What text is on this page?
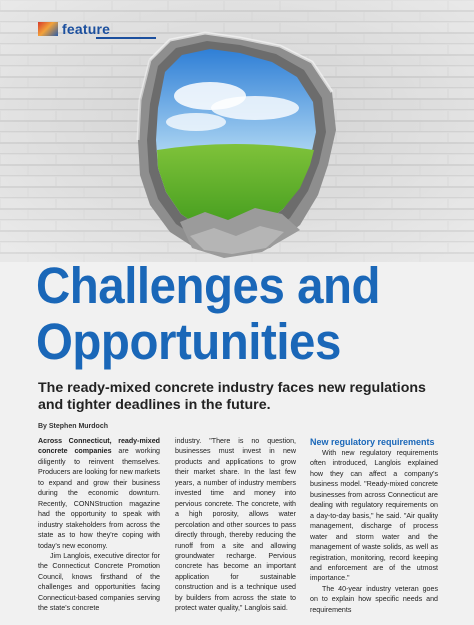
feature
Challenges and
Opportunities
The ready-mixed concrete industry faces new regulations and tighter deadlines in the future.
By Stephen Murdoch

Across Connecticut, ready-mixed concrete companies are working diligently to reinvent themselves. Producers are looking for new markets to expand and grow their business during the economic downturn. Recently, CONNStruction magazine had the opportunity to speak with industry stakeholders from across the state as to how they're coping with today's new economy.

Jim Langlois, executive director for the Connecticut Concrete Promotion Council, knows firsthand of the challenges and opportunities facing Connecticut-based companies serving the state's concrete

industry. "There is no question, businesses must invest in new products and applications to grow their market share. In the last few years, a number of industry members invested time and money into pervious concrete. The concrete, with a high porosity, allows water percolation and other sources to pass directly through, thereby reducing the runoff from a site and allowing groundwater recharge. Pervious concrete has become an important application for sustainable construction and is a technique used by builders from across the state to protect water quality," Langlois said.

New regulatory requirements

With new regulatory requirements often introduced, Langlois explained how they can affect a company's business model. "Ready-mixed concrete businesses from across Connecticut are dealing with regulatory requirements on a day-to-day basis," he said. "Air quality management, discharge of process water and storm water and the management of waste solids, as well as registration, monitoring, record keeping and enforcement are of the utmost importance."

The 40-year industry veteran goes on to explain how specific needs and requirements
